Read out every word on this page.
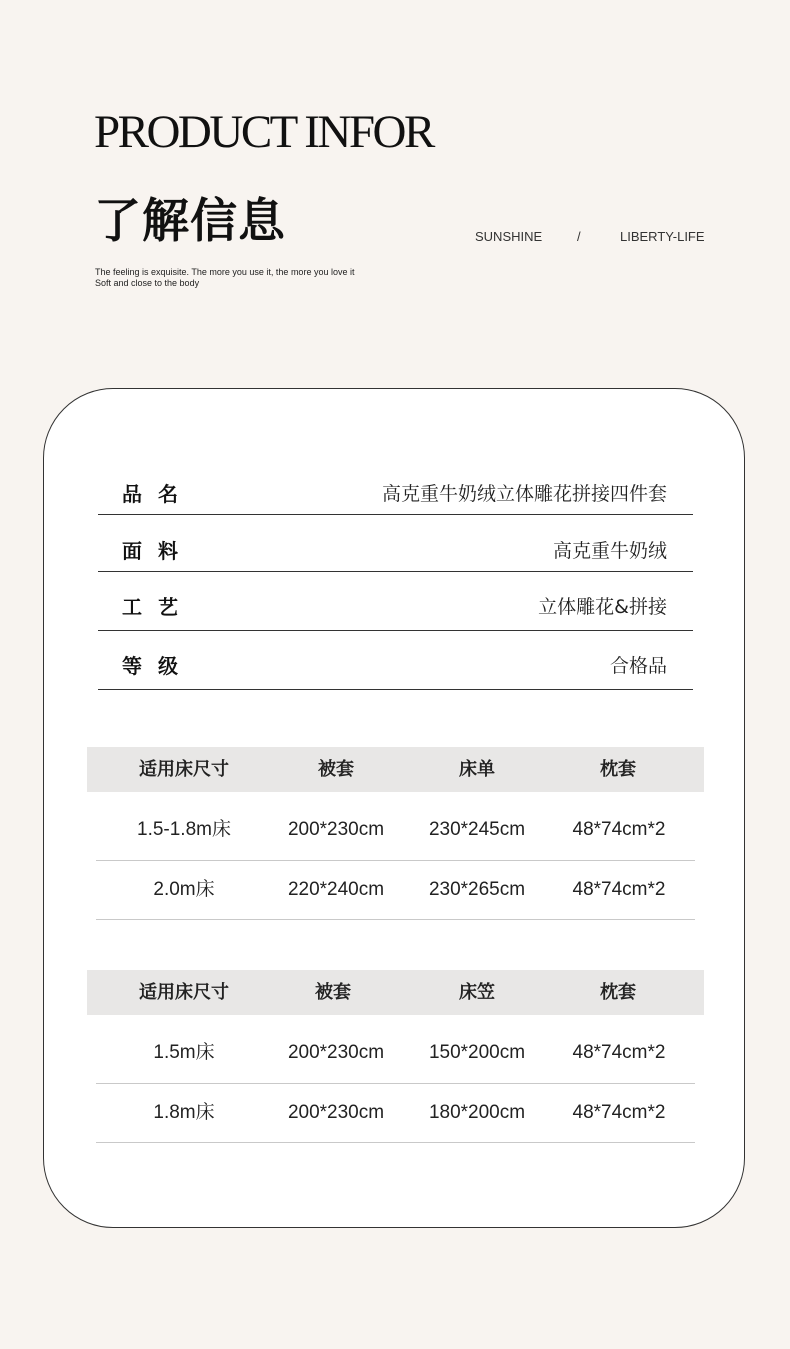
PRODUCT INFOR
了解信息
The feeling is exquisite. The more you use it, the more you love it
Soft and close to the body
SUNSHINE	/	LIBERTY-LIFE
品名	高克重牛奶绒立体雕花拼接四件套
面料	高克重牛奶绒
工艺	立体雕花&拼接
等级	合格品
适用床尺寸	被套	床单	枕套
1.5-1.8m床	200*230cm	230*245cm	48*74cm*2
2.0m床	220*240cm	230*265cm	48*74cm*2
适用床尺寸	被套	床笠	枕套
1.5m床	200*230cm	150*200cm	48*74cm*2
1.8m床	200*230cm	180*200cm	48*74cm*2
